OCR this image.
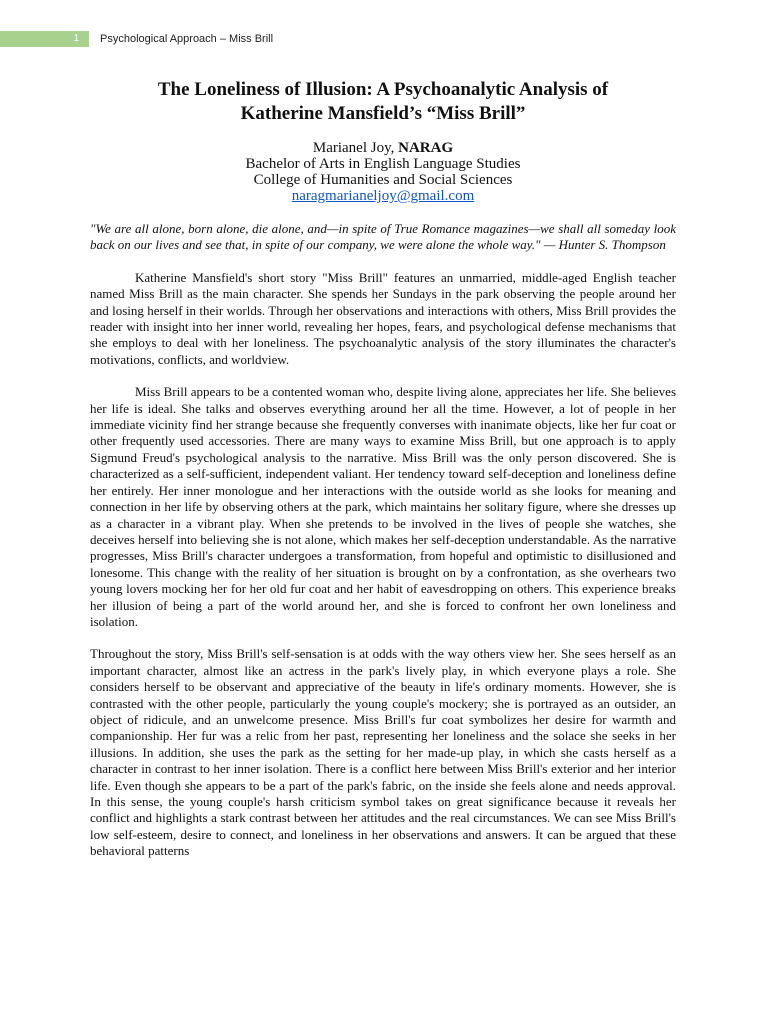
1	Psychological Approach – Miss Brill
The Loneliness of Illusion: A Psychoanalytic Analysis of
Katherine Mansfield’s “Miss Brill”
Marianel Joy, NARAG
Bachelor of Arts in English Language Studies
College of Humanities and Social Sciences
naragmarianeljoy@gmail.com
"We are all alone, born alone, die alone, and—in spite of True Romance magazines—we shall all someday look back on our lives and see that, in spite of our company, we were alone the whole way." — Hunter S. Thompson

Katherine Mansfield's short story "Miss Brill" features an unmarried, middle-aged English teacher named Miss Brill as the main character. She spends her Sundays in the park observing the people around her and losing herself in their worlds. Through her observations and interactions with others, Miss Brill provides the reader with insight into her inner world, revealing her hopes, fears, and psychological defense mechanisms that she employs to deal with her loneliness. The psychoanalytic analysis of the story illuminates the character's motivations, conflicts, and worldview.

Miss Brill appears to be a contented woman who, despite living alone, appreciates her life. She believes her life is ideal. She talks and observes everything around her all the time. However, a lot of people in her immediate vicinity find her strange because she frequently converses with inanimate objects, like her fur coat or other frequently used accessories. There are many ways to examine Miss Brill, but one approach is to apply Sigmund Freud's psychological analysis to the narrative. Miss Brill was the only person discovered. She is characterized as a self-sufficient, independent valiant. Her tendency toward self-deception and loneliness define her entirely. Her inner monologue and her interactions with the outside world as she looks for meaning and connection in her life by observing others at the park, which maintains her solitary figure, where she dresses up as a character in a vibrant play. When she pretends to be involved in the lives of people she watches, she deceives herself into believing she is not alone, which makes her self-deception understandable. As the narrative progresses, Miss Brill's character undergoes a transformation, from hopeful and optimistic to disillusioned and lonesome. This change with the reality of her situation is brought on by a confrontation, as she overhears two young lovers mocking her for her old fur coat and her habit of eavesdropping on others. This experience breaks her illusion of being a part of the world around her, and she is forced to confront her own loneliness and isolation.

Throughout the story, Miss Brill's self-sensation is at odds with the way others view her. She sees herself as an important character, almost like an actress in the park's lively play, in which everyone plays a role. She considers herself to be observant and appreciative of the beauty in life's ordinary moments. However, she is contrasted with the other people, particularly the young couple's mockery; she is portrayed as an outsider, an object of ridicule, and an unwelcome presence. Miss Brill's fur coat symbolizes her desire for warmth and companionship. Her fur was a relic from her past, representing her loneliness and the solace she seeks in her illusions. In addition, she uses the park as the setting for her made-up play, in which she casts herself as a character in contrast to her inner isolation. There is a conflict here between Miss Brill's exterior and her interior life. Even though she appears to be a part of the park's fabric, on the inside she feels alone and needs approval. In this sense, the young couple's harsh criticism symbol takes on great significance because it reveals her conflict and highlights a stark contrast between her attitudes and the real circumstances. We can see Miss Brill's low self-esteem, desire to connect, and loneliness in her observations and answers. It can be argued that these behavioral patterns
